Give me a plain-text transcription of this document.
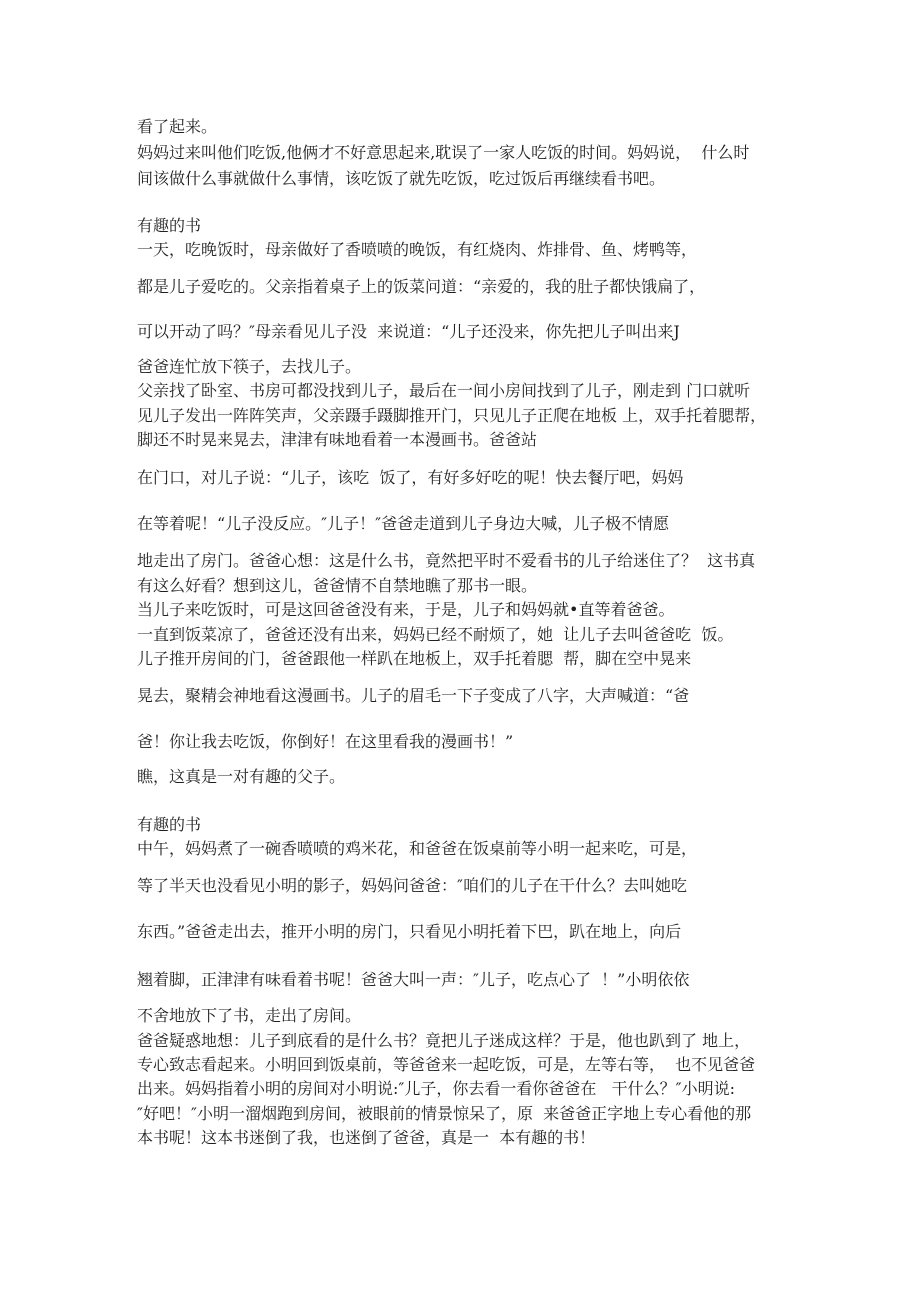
看了起来。

妈妈过来叫他们吃饭,他俩才不好意思起来,耽误了一家人吃饭的时间。妈妈说，  什么时

间该做什么事就做什么事情，该吃饭了就先吃饭，吃过饭后再继续看书吧。

有趣的书

一天，吃晚饭时，母亲做好了香喷喷的晚饭，有红烧肉、炸排骨、鱼、烤鸭等，

都是儿子爱吃的。父亲指着桌子上的饭菜问道：“亲爱的，我的肚子都快饿扁了，

可以开动了吗？″母亲看见儿子没  来说道：“儿子还没来，你先把儿子叫出来J

爸爸连忙放下筷子，去找儿子。

父亲找了卧室、书房可都没找到儿子，最后在一间小房间找到了儿子，刚走到 门口就听

见儿子发出一阵阵笑声，父亲蹑手蹑脚推开门，只见儿子正爬在地板 上，双手托着腮帮，

脚还不时晃来晃去，津津有味地看着一本漫画书。爸爸站

在门口，对儿子说：“儿子，该吃  饭了，有好多好吃的呢！快去餐厅吧，妈妈

在等着呢！“儿子没反应。″儿子！″爸爸走道到儿子身边大喊，儿子极不情愿

地走出了房门。爸爸心想：这是什么书，竟然把平时不爱看书的儿子给迷住了？  这书真

有这么好看？想到这儿，爸爸情不自禁地瞧了那书一眼。

当儿子来吃饭时，可是这回爸爸没有来，于是，儿子和妈妈就•直等着爸爸。

一直到饭菜凉了，爸爸还没有出来，妈妈已经不耐烦了，她  让儿子去叫爸爸吃  饭。

儿子推开房间的门，爸爸跟他一样趴在地板上，双手托着腮  帮，脚在空中晃来

晃去，聚精会神地看这漫画书。儿子的眉毛一下子变成了八字，大声喊道：“爸

爸！你让我去吃饭，你倒好！在这里看我的漫画书！”

瞧，这真是一对有趣的父子。

有趣的书

中午，妈妈煮了一碗香喷喷的鸡米花，和爸爸在饭桌前等小明一起来吃，可是，

等了半天也没看见小明的影子，妈妈问爸爸：″咱们的儿子在干什么？去叫她吃

东西。”爸爸走出去，推开小明的房门，只看见小明托着下巴，趴在地上，向后

翘着脚，正津津有味看着书呢！爸爸大叫一声：″儿子，吃点心了  ！”小明依依

不舍地放下了书，走出了房间。

爸爸疑惑地想：儿子到底看的是什么书？竟把儿子迷成这样？于是，他也趴到了 地上，

专心致志看起来。小明回到饭桌前，等爸爸来一起吃饭，可是，左等右等，  也不见爸爸

出来。妈妈指着小明的房间对小明说:″儿子，你去看一看你爸爸在   干什么？″小明说:

″好吧！″小明一溜烟跑到房间，被眼前的情景惊呆了，原  来爸爸正字地上专心看他的那

本书呢！这本书迷倒了我，也迷倒了爸爸，真是一  本有趣的书！
